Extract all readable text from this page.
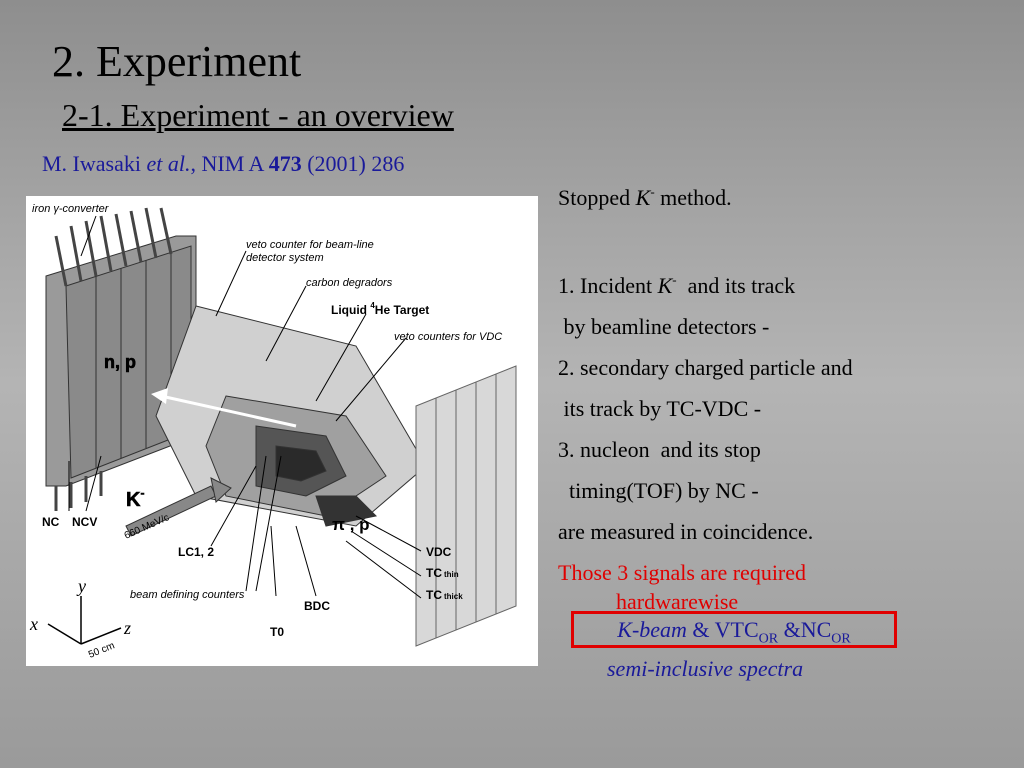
2. Experiment
2-1. Experiment - an overview
M. Iwasaki et al., NIM A 473 (2001) 286
iron γ-converter
veto counter for beam-line
detector system
carbon degradors
Liquid $^4$He Target
veto counters for VDC
n, p
K-
660 MeV/c	π , p
NC NCV
LC1, 2	VDC
TC thin
TC thick
BDC
T0
beam defining counters
y
x	z
50 cm

Stopped K- method.

1. Incident K-  and its track

by beamline detectors -

2. secondary charged particle and

its track by TC-VDC -

3. nucleon  and its stop

timing(TOF) by NC -

are measured in coincidence.

Those 3 signals are required

hardwarewise

K-beam & $VTC_{OR}$ $\&NC_{OR}$
semi-inclusive spectra
